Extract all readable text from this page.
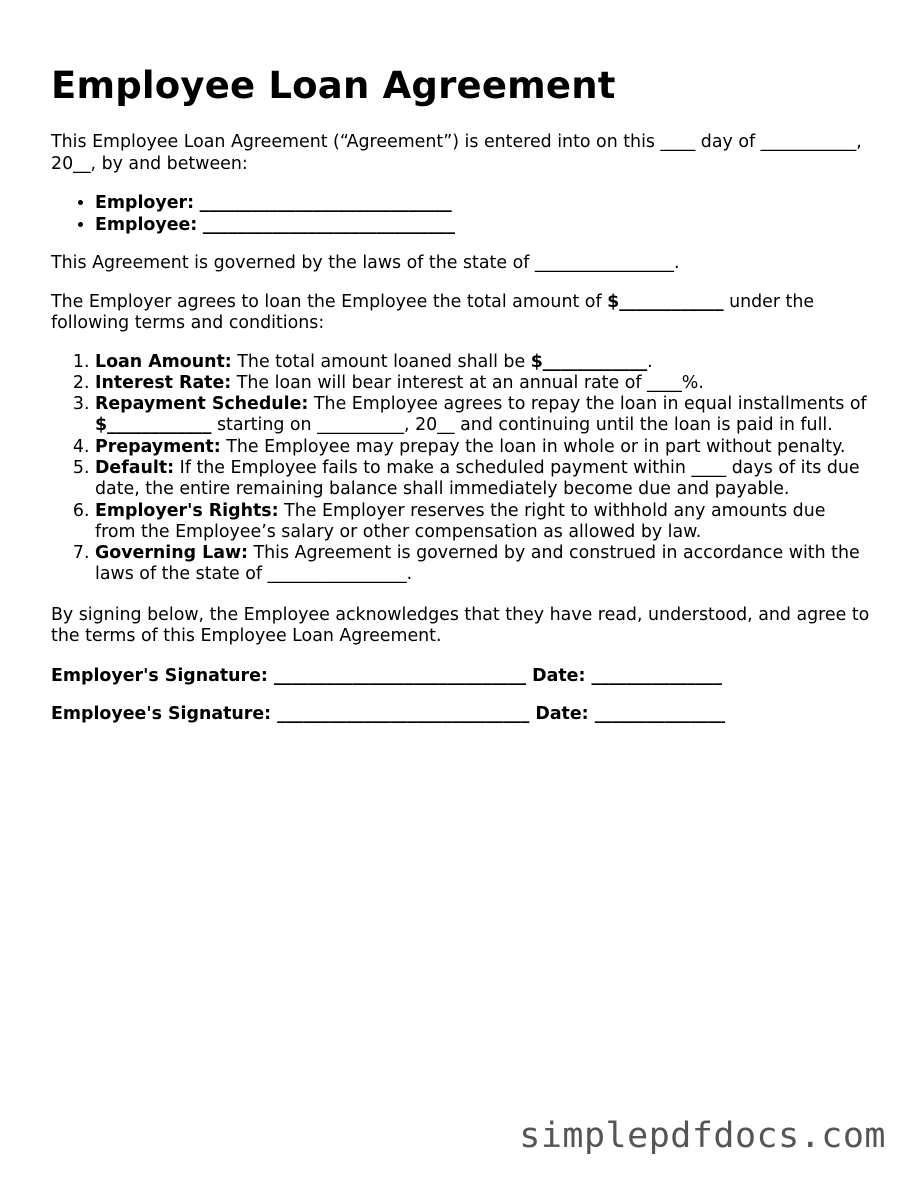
Employee Loan Agreement

This Employee Loan Agreement (“Agreement”) is entered into on this ____ day of ___________, 20__, by and between:

• Employer: _____________________________
• Employee: _____________________________

This Agreement is governed by the laws of the state of ________________.

The Employer agrees to loan the Employee the total amount of $____________ under the following terms and conditions:

1. Loan Amount: The total amount loaned shall be $____________.
2. Interest Rate: The loan will bear interest at an annual rate of ____%.
3. Repayment Schedule: The Employee agrees to repay the loan in equal installments of $____________ starting on __________, 20__ and continuing until the loan is paid in full.
4. Prepayment: The Employee may prepay the loan in whole or in part without penalty.
5. Default: If the Employee fails to make a scheduled payment within ____ days of its due date, the entire remaining balance shall immediately become due and payable.
6. Employer's Rights: The Employer reserves the right to withhold any amounts due from the Employee’s salary or other compensation as allowed by law.
7. Governing Law: This Agreement is governed by and construed in accordance with the laws of the state of ________________.

By signing below, the Employee acknowledges that they have read, understood, and agree to the terms of this Employee Loan Agreement.

Employer's Signature: _____________________________ Date: _______________

Employee's Signature: _____________________________ Date: _______________

simplepdfdocs.com
